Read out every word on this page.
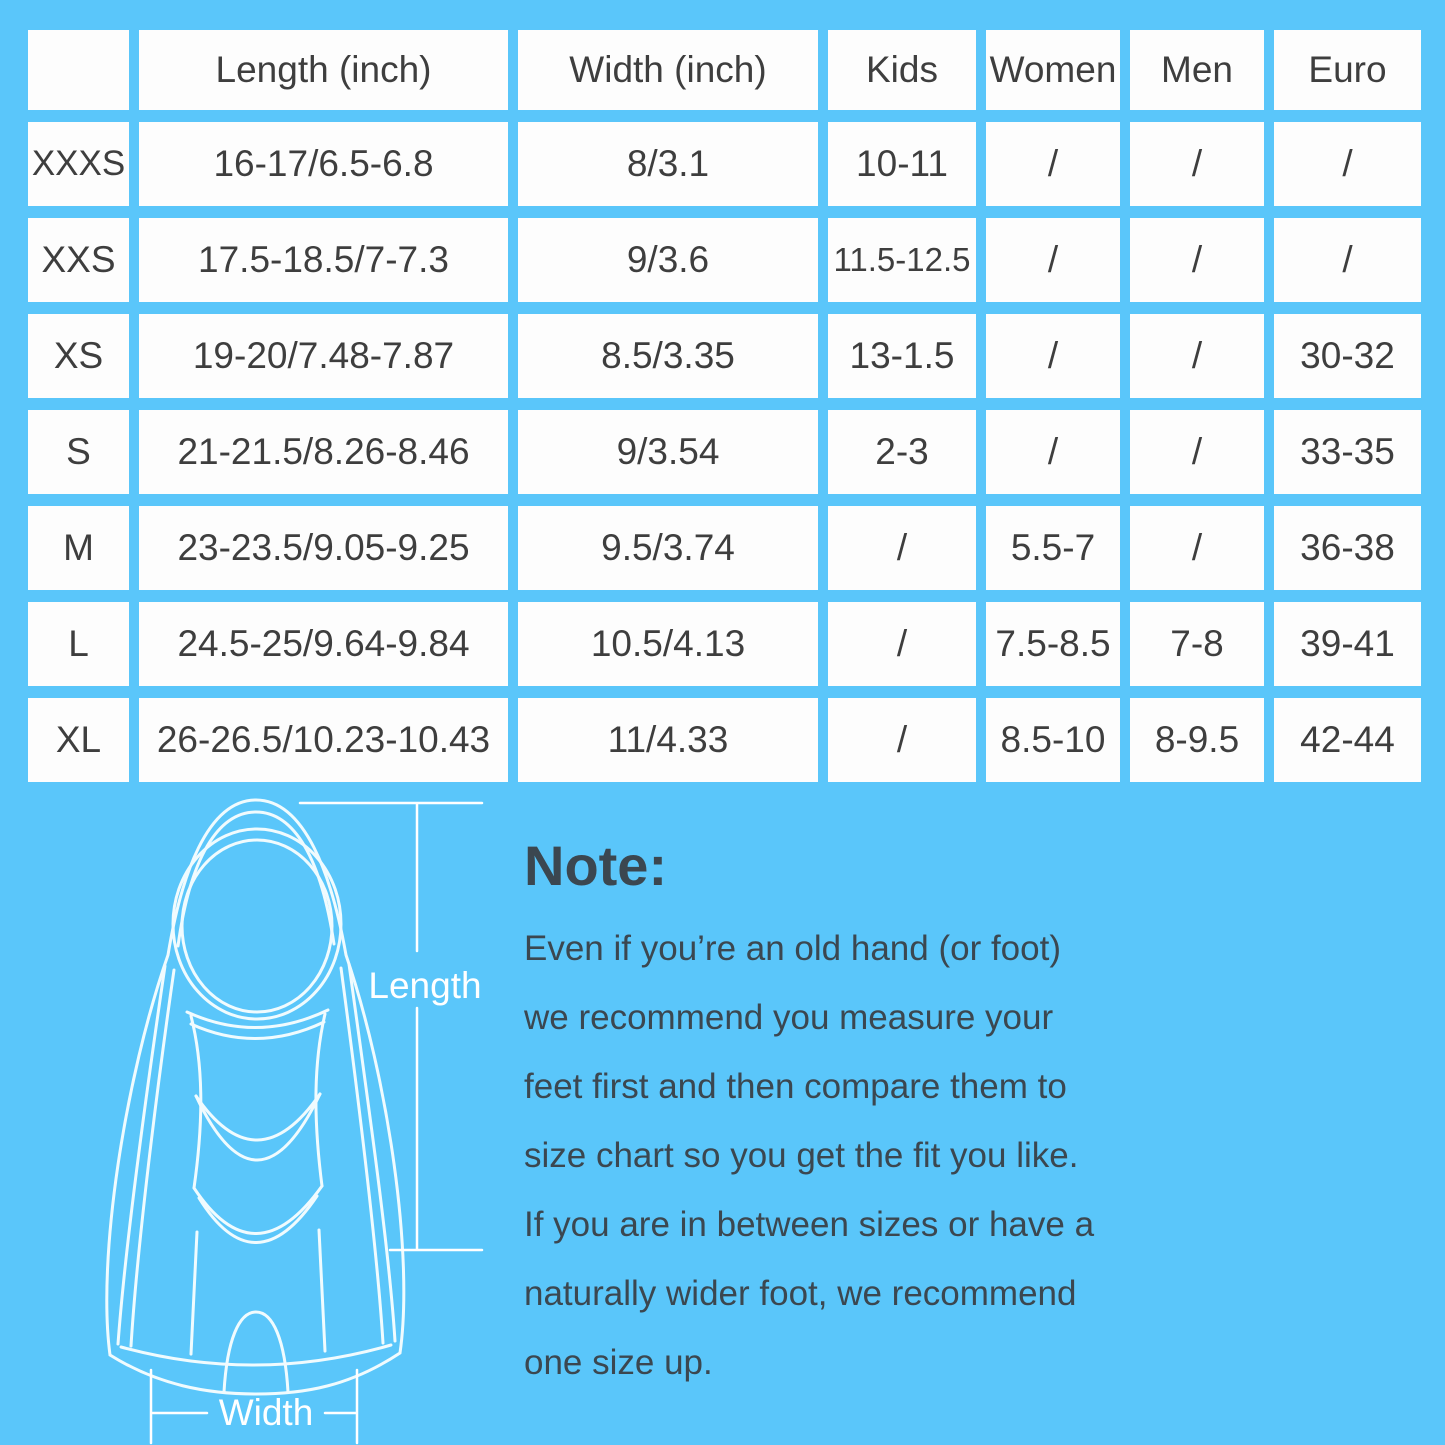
Length (inch)	Width (inch)	Kids	Women	Men	Euro
XXXS	16-17/6.5-6.8	8/3.1	10-11	/	/	/
XXS	17.5-18.5/7-7.3	9/3.6	11.5-12.5	/	/	/
XS	19-20/7.48-7.87	8.5/3.35	13-1.5	/	/	30-32
S	21-21.5/8.26-8.46	9/3.54	2-3	/	/	33-35
M	23-23.5/9.05-9.25	9.5/3.74	/	5.5-7	/	36-38
L	24.5-25/9.64-9.84	10.5/4.13	/	7.5-8.5	7-8	39-41
XL	26-26.5/10.23-10.43	11/4.33	/	8.5-10	8-9.5	42-44
Length
Width

Note:

Even if you’re an old hand (or foot)

we recommend you measure your

feet first and then compare them to

size chart so you get the fit you like.

If you are in between sizes or have a

naturally wider foot, we recommend

one size up.
